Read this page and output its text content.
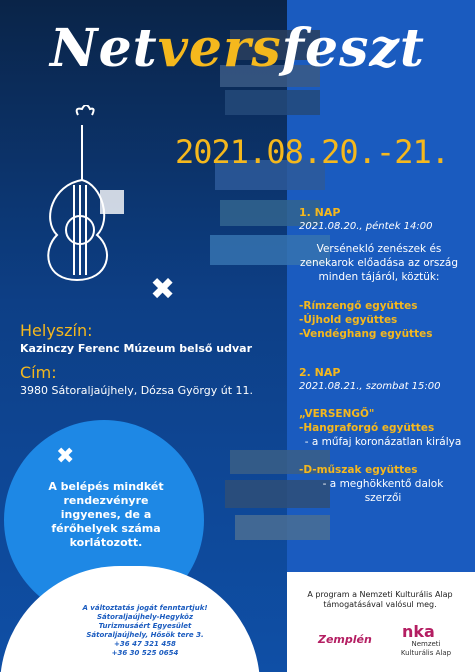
Netversfeszt
2021.08.20.-21.
✖
Helyszín:
Kazinczy Ferenc Múzeum belső udvar
Cím:
3980 Sátoraljaújhely, Dózsa György út 11.
1. NAP
2021.08.20., péntek 14:00
Versénekló zenészek és zenekarok előadása az ország minden tájáról, köztük:
-Rímzengő együttes
-Újhold együttes
-Vendéghang együttes
2. NAP
2021.08.21., szombat 15:00
„VERSENGŐ"
-Hangraforgó együttes
- a műfaj koronázatlan királya
-D-műszak együttes
- a meghökkentő dalok szerzői
✖
A belépés mindkét rendezvényre ingyenes, de a férőhelyek száma korlátozott.
A változtatás jogát fenntartjuk!
Sátoraljaújhely-Hegyköz
Turizmusáért Egyesület
Sátoraljaújhely, Hősök tere 3.
+36 47 321 458
+36 30 525 0654
A program a Nemzeti Kulturális Alap támogatásával valósul meg.
Zemplén nka
Nemzeti Kulturális Alap
